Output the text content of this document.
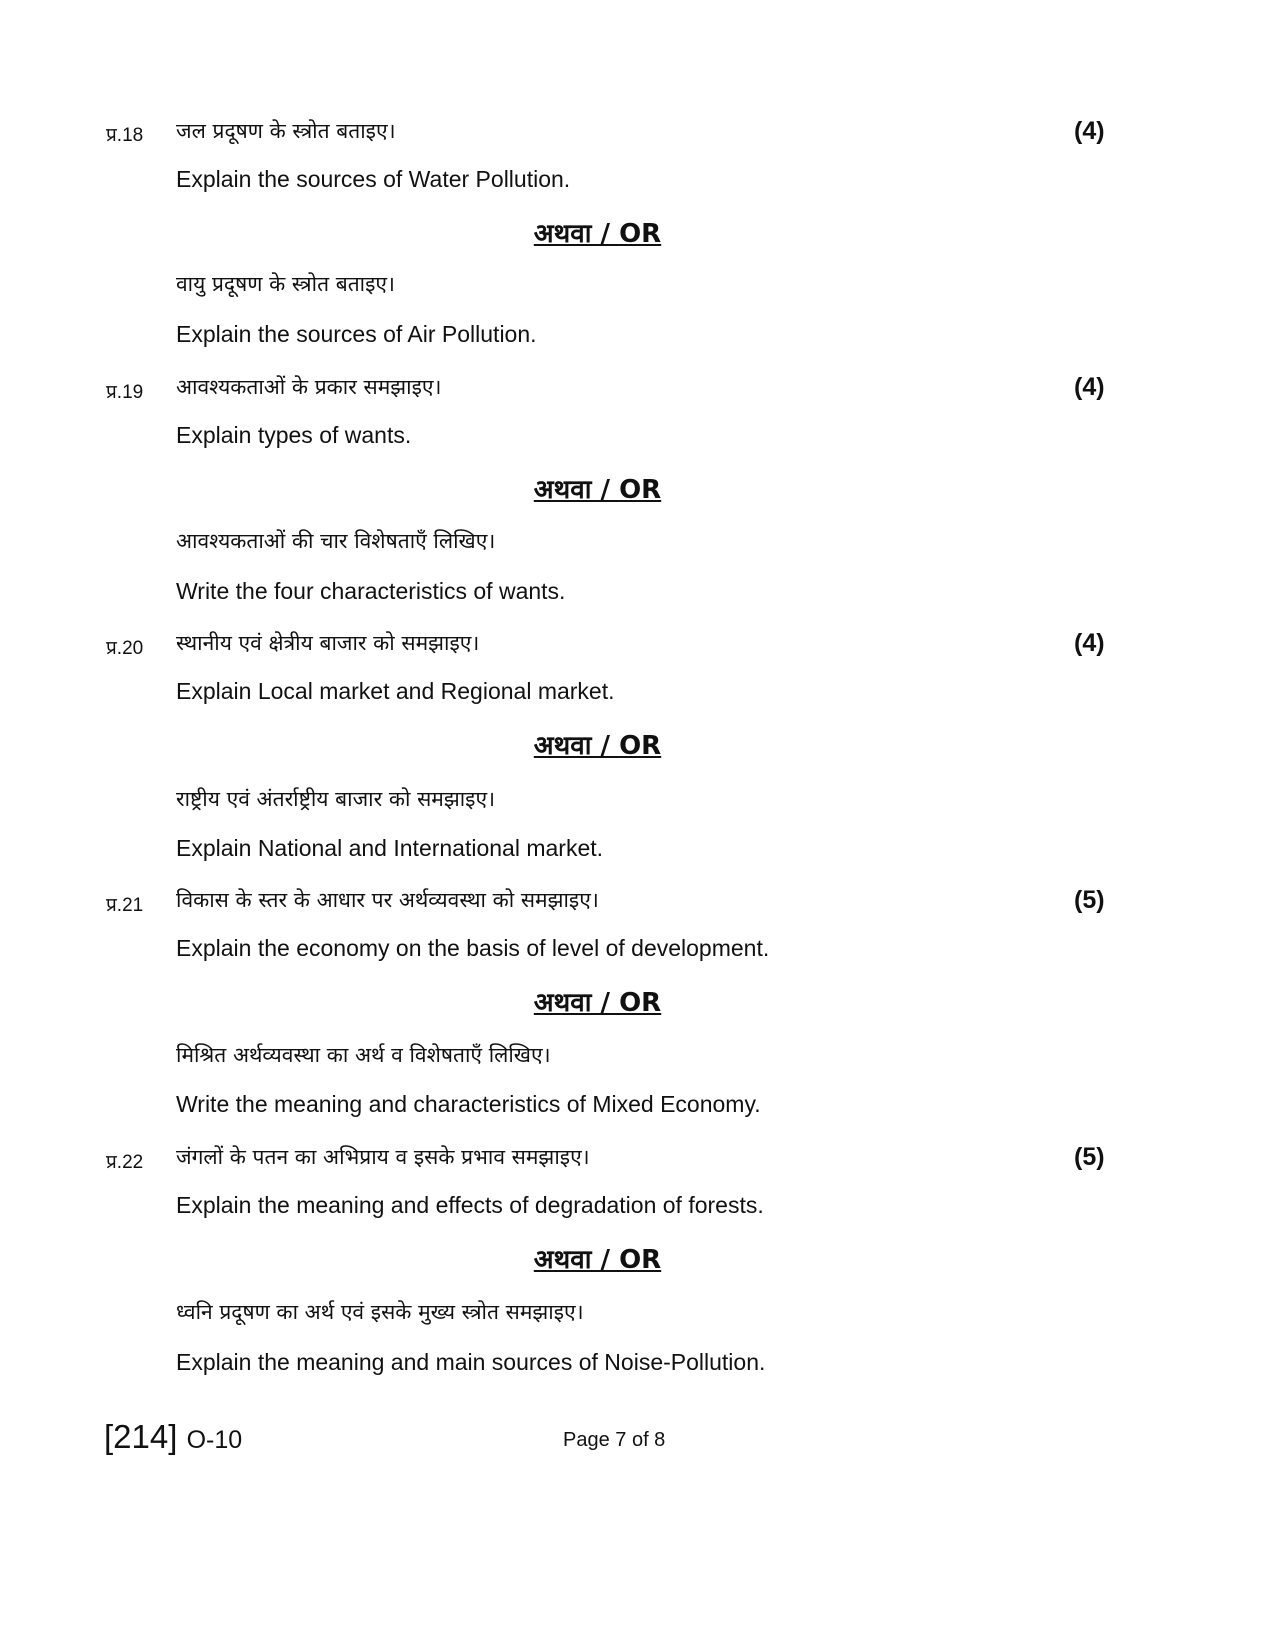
प्र.18 जल प्रदूषण के स्त्रोत बताइए।	(4)
Explain the sources of Water Pollution.
अथवा / OR
वायु प्रदूषण के स्त्रोत बताइए।
Explain the sources of Air Pollution.
प्र.19 आवश्यकताओं के प्रकार समझाइए।	(4)
Explain types of wants.
अथवा / OR
आवश्यकताओं की चार विशेषताएँ लिखिए।
Write the four characteristics of wants.
प्र.20 स्थानीय एवं क्षेत्रीय बाजार को समझाइए।	(4)
Explain Local market and Regional market.
अथवा / OR
राष्ट्रीय एवं अंतर्राष्ट्रीय बाजार को समझाइए।
Explain National and International market.
प्र.21 विकास के स्तर के आधार पर अर्थव्यवस्था को समझाइए।	(5)
Explain the economy on the basis of level of development.
अथवा / OR
मिश्रित अर्थव्यवस्था का अर्थ व विशेषताएँ लिखिए।
Write the meaning and characteristics of Mixed Economy.
प्र.22 जंगलों के पतन का अभिप्राय व इसके प्रभाव समझाइए।	(5)
Explain the meaning and effects of degradation of forests.
अथवा / OR
ध्वनि प्रदूषण का अर्थ एवं इसके मुख्य स्त्रोत समझाइए।
Explain the meaning and main sources of Noise-Pollution.
[214] O-10	Page 7 of 8
